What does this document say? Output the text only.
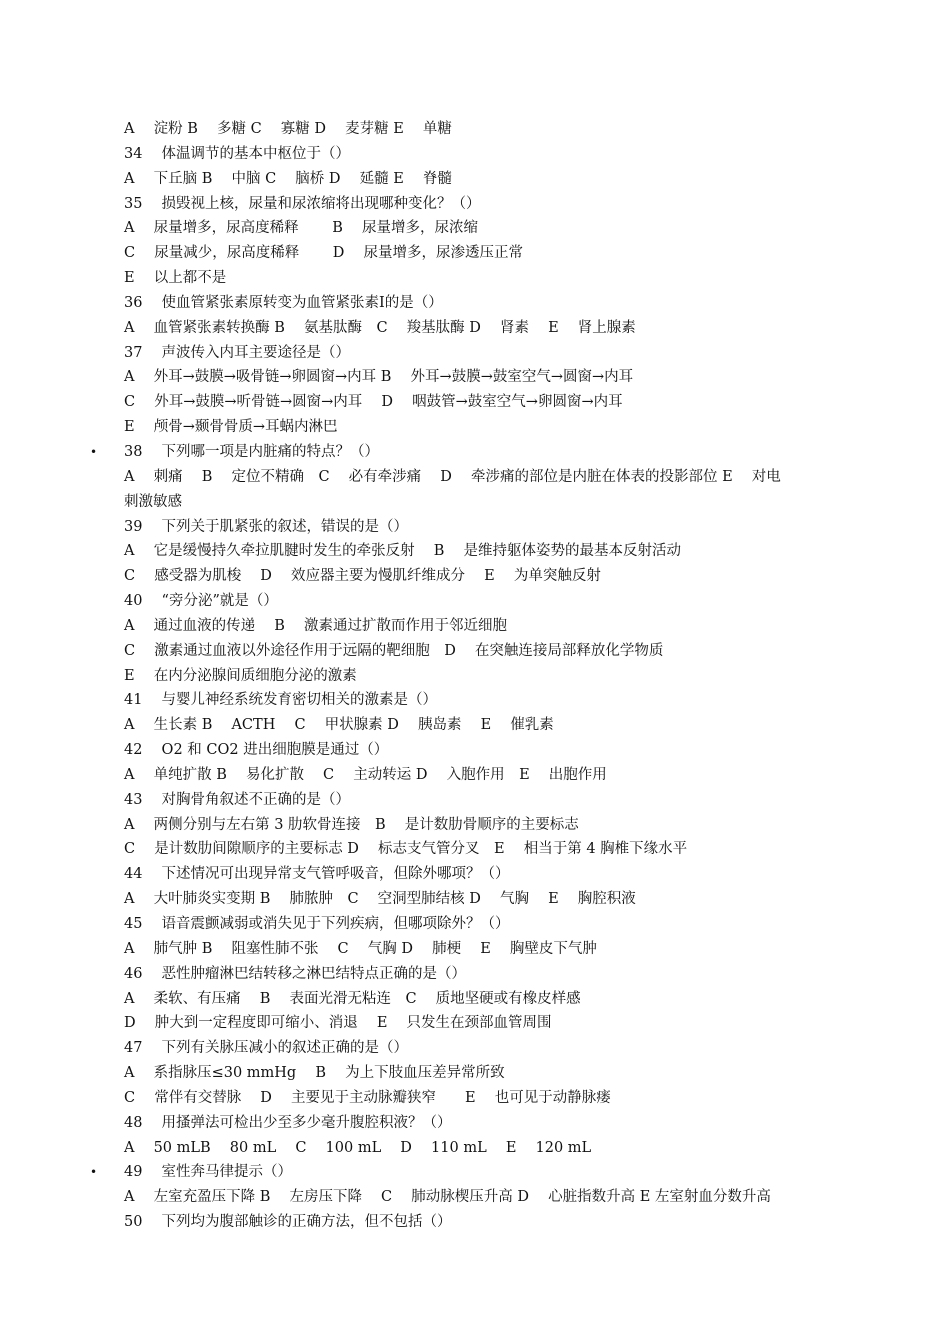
A　 淀粉 B　 多糖 C　 寡糖 D　 麦芽糖 E　 单糖
34　 体温调节的基本中枢位于（）
A　 下丘脑 B　 中脑 C　 脑桥 D　 延髓 E　 脊髓
35　 损毁视上核，尿量和尿浓缩将出现哪种变化？（）
A　 尿量增多，尿高度稀释　　 B　 尿量增多，尿浓缩
C　 尿量减少，尿高度稀释　　 D　 尿量增多，尿渗透压正常
E　 以上都不是
36　 使血管紧张素原转变为血管紧张素Ⅰ的是（）
A　 血管紧张素转换酶 B　 氨基肽酶　C　 羧基肽酶 D　 肾素　 E　 肾上腺素
37　 声波传入内耳主要途径是（）
A　 外耳→鼓膜→吸骨链→卵圆窗→内耳 B　 外耳→鼓膜→鼓室空气→圆窗→内耳
C　 外耳→鼓膜→听骨链→圆窗→内耳　 D　 咽鼓管→鼓室空气→卵圆窗→内耳
E　 颅骨→颞骨骨质→耳蜗内淋巴
• 38　 下列哪一项是内脏痛的特点？（）
A　 刺痛　 B　 定位不精确　C　 必有牵涉痛　 D　 牵涉痛的部位是内脏在体表的投影部位 E　 对电
刺激敏感
39　 下列关于肌紧张的叙述，错误的是（）
A　 它是缓慢持久牵拉肌腱时发生的牵张反射　 B　 是维持躯体姿势的最基本反射活动
C　 感受器为肌梭　 D　 效应器主要为慢肌纤维成分　 E　 为单突触反射
40　 “旁分泌”就是（）
A　 通过血液的传递　 B　 激素通过扩散而作用于邻近细胞
C　 激素通过血液以外途径作用于远隔的靶细胞　D　 在突触连接局部释放化学物质
E　 在内分泌腺间质细胞分泌的激素
41　 与婴儿神经系统发育密切相关的激素是（）
A　 生长素 B　 ACTH　 C　 甲状腺素 D　 胰岛素　 E　 催乳素
42　 O2 和 CO2 进出细胞膜是通过（）
A　 单纯扩散 B　 易化扩散　 C　 主动转运 D　 入胞作用　E　 出胞作用
43　 对胸骨角叙述不正确的是（）
A　 两侧分别与左右第 3 肋软骨连接　B　 是计数肋骨顺序的主要标志
C　 是计数肋间隙顺序的主要标志 D　 标志支气管分叉　E　 相当于第 4 胸椎下缘水平
44　 下述情况可出现异常支气管呼吸音，但除外哪项？（）
A　 大叶肺炎实变期 B　 肺脓肿　C　 空洞型肺结核 D　 气胸　 E　 胸腔积液
45　 语音震颤减弱或消失见于下列疾病，但哪项除外？（）
A　 肺气肿 B　 阻塞性肺不张　 C　 气胸 D　 肺梗　 E　 胸壁皮下气肿
46　 恶性肿瘤淋巴结转移之淋巴结特点正确的是（）
A　 柔软、有压痛　 B　 表面光滑无粘连　C　 质地坚硬或有橡皮样感
D　 肿大到一定程度即可缩小、消退　 E　 只发生在颈部血管周围
47　 下列有关脉压减小的叙述正确的是（）
A　 系指脉压≤30 mmHg　 B　 为上下肢血压差异常所致
C　 常伴有交替脉　 D　 主要见于主动脉瓣狭窄　　E　 也可见于动静脉瘘
48　 用搔弹法可检出少至多少毫升腹腔积液？（）
A　 50 mLB　 80 mL　 C　 100 mL　 D　 110 mL　 E　 120 mL
• 49　 室性奔马律提示（）
A　 左室充盈压下降 B　 左房压下降　 C　 肺动脉楔压升高 D　 心脏指数升高 E 左室射血分数升高
50　 下列均为腹部触诊的正确方法，但不包括（）
